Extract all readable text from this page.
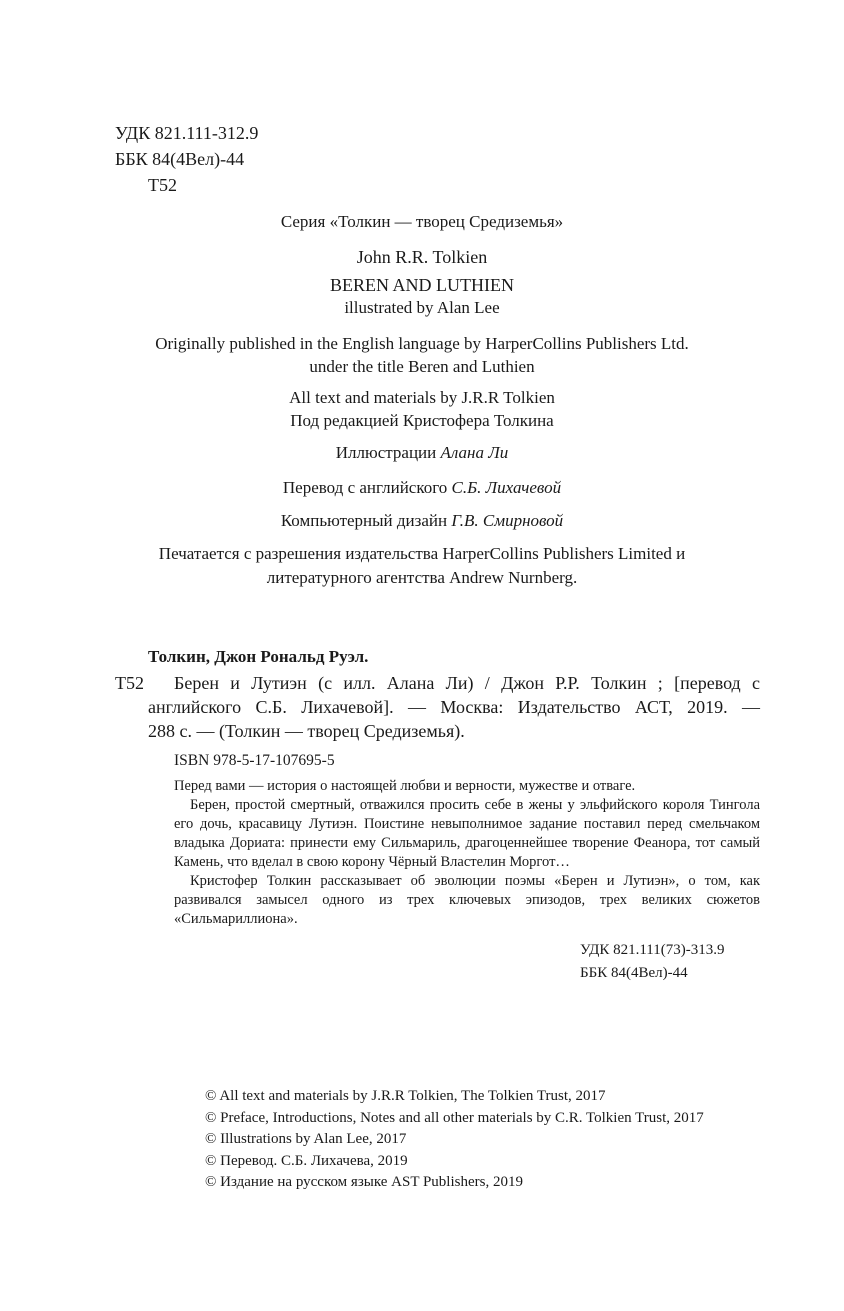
УДК 821.111-312.9
ББК 84(4Вел)-44
Т52
Серия «Толкин — творец Средиземья»
John R.R. Tolkien
BEREN AND LUTHIEN
illustrated by Alan Lee
Originally published in the English language by HarperCollins Publishers Ltd.
under the title Beren and Luthien
All text and materials by J.R.R Tolkien
Под редакцией Кристофера Толкина
Иллюстрации Алана Ли
Перевод с английского С.Б. Лихачевой
Компьютерный дизайн Г.В. Смирновой
Печатается с разрешения издательства HarperCollins Publishers Limited и
литературного агентства Andrew Nurnberg.
Толкин, Джон Рональд Руэл.
Т52 Берен и Лутиэн (с илл. Алана Ли) / Джон Р.Р. Толкин ; [перевод с
английского С.Б. Лихачевой]. — Москва: Издательство АСТ, 2019. —
288 с. — (Толкин — творец Средиземья).
ISBN 978-5-17-107695-5

Перед вами — история о настоящей любви и верности, мужестве и отваге.

Берен, простой смертный, отважился просить себе в жены у эльфийского короля Тингола его дочь, красавицу Лутиэн. Поистине невыполнимое задание поставил перед смельчаком владыка Дориата: принести ему Сильмариль, драгоценнейшее творение Феанора, тот самый Камень, что вделал в свою корону Чёрный Властелин Моргот…

Кристофер Толкин рассказывает об эволюции поэмы «Берен и Лутиэн», о том, как развивался замысел одного из трех ключевых эпизодов, трех великих сюжетов «Сильмариллиона».

УДК 821.111(73)-313.9
ББК 84(4Вел)-44
© All text and materials by J.R.R Tolkien, The Tolkien Trust, 2017
© Preface, Introductions, Notes and all other materials by C.R. Tolkien Trust, 2017
© Illustrations by Alan Lee, 2017
© Перевод. С.Б. Лихачева, 2019
© Издание на русском языке AST Publishers, 2019
